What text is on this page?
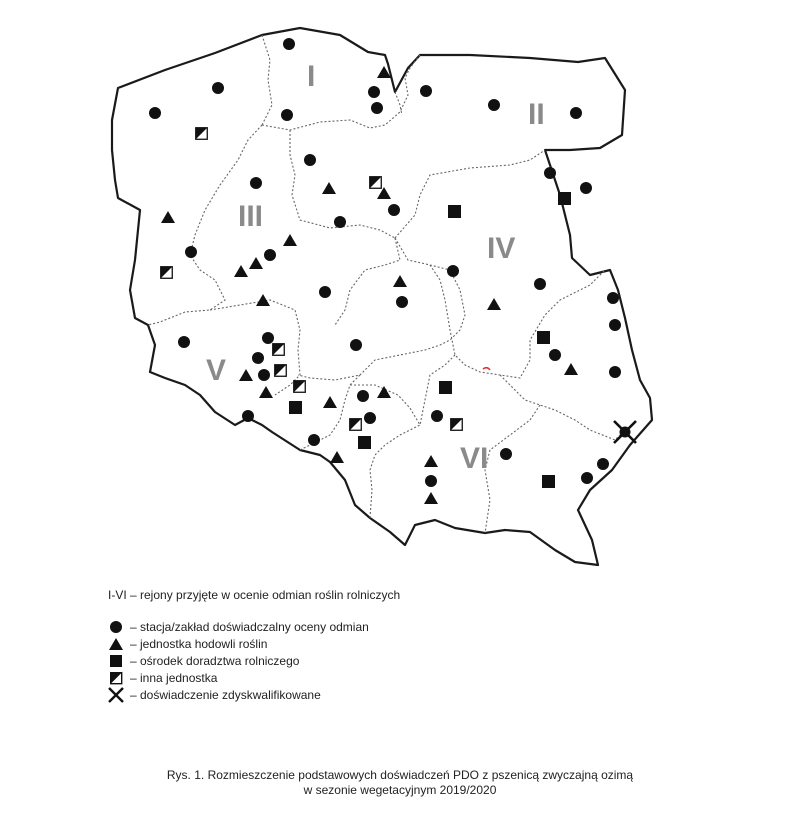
I
II
III
IV
V
VI

I-VI – rejony przyjęte w ocenie odmian roślin rolniczych

– stacja/zakład doświadczalny oceny odmian
– jednostka hodowli roślin
– ośrodek doradztwa rolniczego
– inna jednostka
– doświadczenie zdyskwalifikowane
Rys. 1. Rozmieszczenie podstawowych doświadczeń PDO z pszenicą zwyczajną ozimą
w sezonie wegetacyjnym 2019/2020
